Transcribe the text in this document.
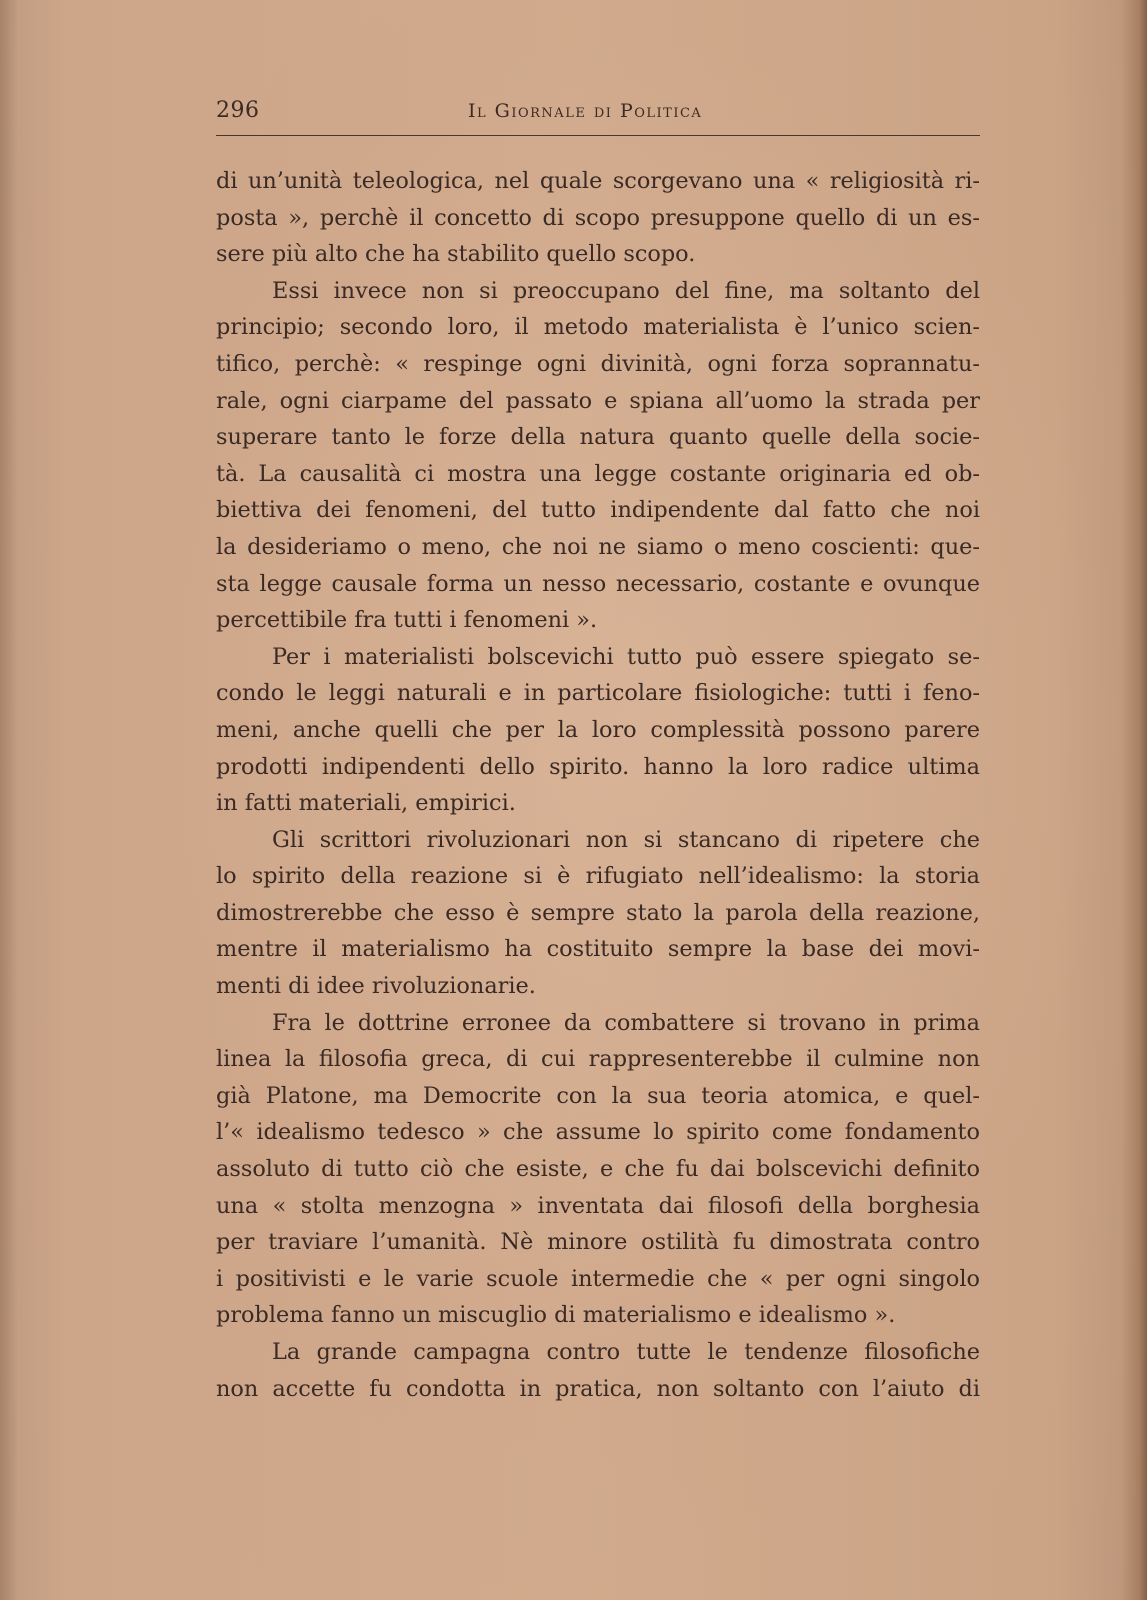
296	Il Giornale di Politica
di un’unità teleologica, nel quale scorgevano una « religiosità ri-
posta », perchè il concetto di scopo presuppone quello di un es-
sere più alto che ha stabilito quello scopo.
Essi invece non si preoccupano del fine, ma soltanto del
principio; secondo loro, il metodo materialista è l’unico scien-
tifico, perchè: « respinge ogni divinità, ogni forza soprannatu-
rale, ogni ciarpame del passato e spiana all’uomo la strada per
superare tanto le forze della natura quanto quelle della socie-
tà. La causalità ci mostra una legge costante originaria ed ob-
biettiva dei fenomeni, del tutto indipendente dal fatto che noi
la desideriamo o meno, che noi ne siamo o meno coscienti: que-
sta legge causale forma un nesso necessario, costante e ovunque
percettibile fra tutti i fenomeni ».
Per i materialisti bolscevichi tutto può essere spiegato se-
condo le leggi naturali e in particolare fisiologiche: tutti i feno-
meni, anche quelli che per la loro complessità possono parere
prodotti indipendenti dello spirito. hanno la loro radice ultima
in fatti materiali, empirici.
Gli scrittori rivoluzionari non si stancano di ripetere che
lo spirito della reazione si è rifugiato nell’idealismo: la storia
dimostrerebbe che esso è sempre stato la parola della reazione,
mentre il materialismo ha costituito sempre la base dei movi-
menti di idee rivoluzionarie.
Fra le dottrine erronee da combattere si trovano in prima
linea la filosofia greca, di cui rappresenterebbe il culmine non
già Platone, ma Democrite con la sua teoria atomica, e quel-
l’« idealismo tedesco » che assume lo spirito come fondamento
assoluto di tutto ciò che esiste, e che fu dai bolscevichi definito
una « stolta menzogna » inventata dai filosofi della borghesia
per traviare l’umanità. Nè minore ostilità fu dimostrata contro
i positivisti e le varie scuole intermedie che « per ogni singolo
problema fanno un miscuglio di materialismo e idealismo ».
La grande campagna contro tutte le tendenze filosofiche
non accette fu condotta in pratica, non soltanto con l’aiuto di
